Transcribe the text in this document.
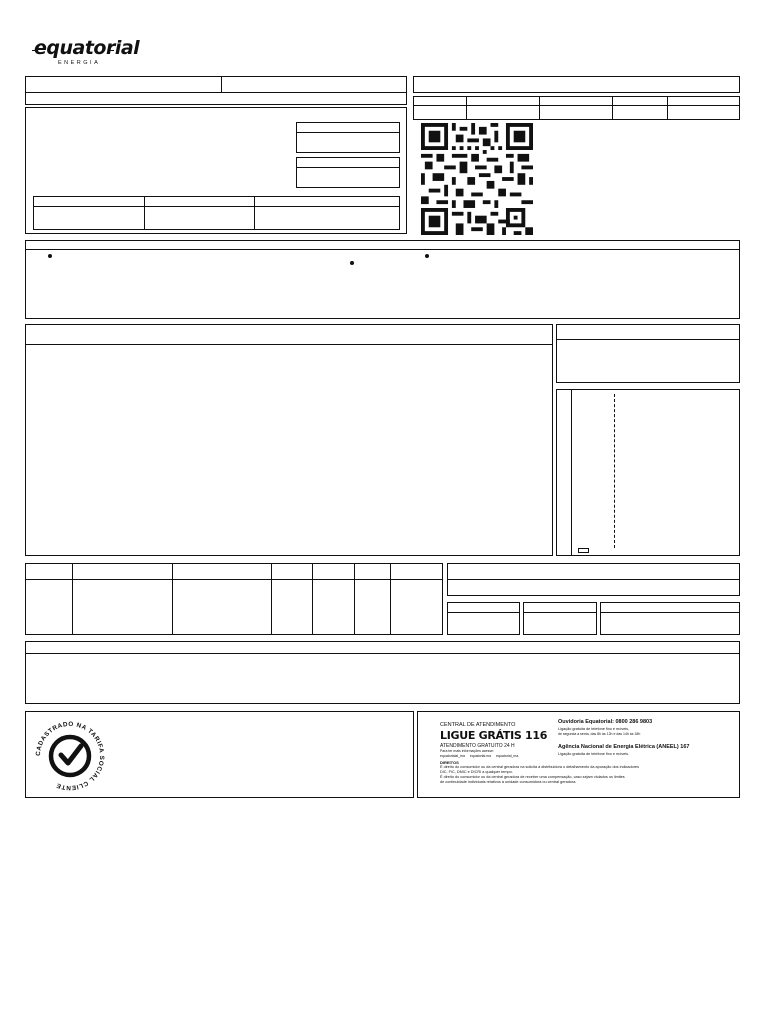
equatorial
ENERGIA
CADASTRADO NA TARIFA SOCIAL CLIENTE
CENTRAL DE ATENDIMENTO
LIGUE GRÁTIS 116
ATENDIMENTO GRATUITO 24 H
Para ter mais informações acesse:
equatorialal_ma equatorial.ma equatorial_ma
DIREITOS
É direito do consumidor ou da central geradora na solicita à distribuidora o detalhamento da apuração dos indicadores
DIC, FIC, DMIC e DICRI a qualquer tempo.
É direito do consumidor ou da central geradora de receber uma compensação, caso sejam violados os limites
de continuidade individuais relativos à unidade consumidora ou central geradora.
Ouvidoria Equatorial: 0800 286 9803
Ligação gratuita de telefone fixo e móveis,
de segunda a sexta, das 8h às 12h e das 14h às 18h
Agência Nacional de Energia Elétrica (ANEEL) 167
Ligação gratuita de telefone fixo e móveis.
